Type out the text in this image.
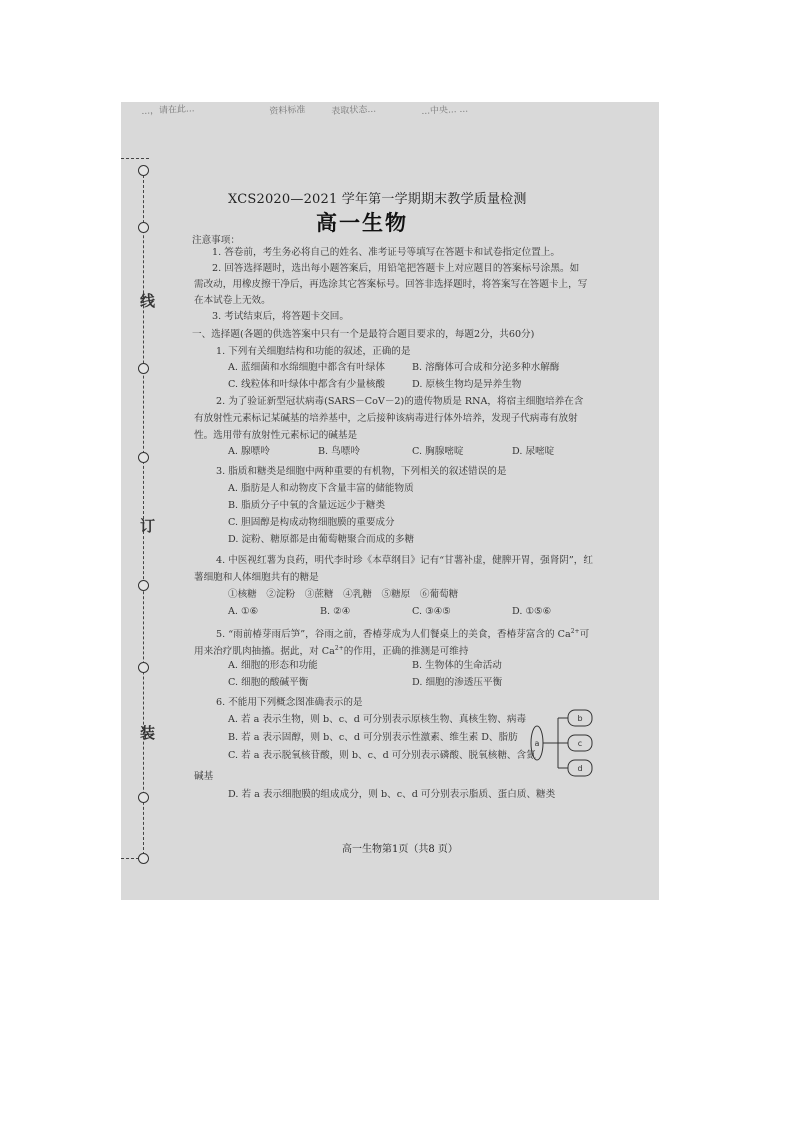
...，请在此...	资料标准	表取状态...	...中央... ...
线
订
装
XCS2020—2021 学年第一学期期末教学质量检测
高一生物
注意事项：
1. 答卷前，考生务必将自己的姓名、准考证号等填写在答题卡和试卷指定位置上。
2. 回答选择题时，选出每小题答案后，用铅笔把答题卡上对应题目的答案标号涂黑。如
需改动，用橡皮擦干净后，再选涂其它答案标号。回答非选择题时，将答案写在答题卡上，写
在本试卷上无效。
3. 考试结束后，将答题卡交回。
一、选择题(各题的供选答案中只有一个是最符合题目要求的，每题2分，共60分)
1. 下列有关细胞结构和功能的叙述，正确的是
A. 蓝细菌和水绵细胞中都含有叶绿体	B. 溶酶体可合成和分泌多种水解酶
C. 线粒体和叶绿体中都含有少量核酸	D. 原核生物均是异养生物
2. 为了验证新型冠状病毒(SARS－CoV－2)的遗传物质是 RNA，将宿主细胞培养在含
有放射性元素标记某碱基的培养基中，之后接种该病毒进行体外培养，发现子代病毒有放射
性。选用带有放射性元素标记的碱基是
A. 腺嘌呤	B. 鸟嘌呤	C. 胸腺嘧啶	D. 尿嘧啶
3. 脂质和糖类是细胞中两种重要的有机物，下列相关的叙述错误的是
A. 脂肪是人和动物皮下含量丰富的储能物质
B. 脂质分子中氧的含量远远少于糖类
C. 胆固醇是构成动物细胞膜的重要成分
D. 淀粉、糖原都是由葡萄糖聚合而成的多糖
4. 中医视红薯为良药，明代李时珍《本草纲目》记有“甘薯补虚，健脾开胃，强肾阴”，红
薯细胞和人体细胞共有的糖是
①核糖　②淀粉　③蔗糖　④乳糖　⑤糖原　⑥葡萄糖
A. ①⑥	B. ②④	C. ③④⑤	D. ①⑤⑥
5. “雨前椿芽雨后笋”，谷雨之前，香椿芽成为人们餐桌上的美食，香椿芽富含的 $Ca^{2+}$可
用来治疗肌肉抽搐。据此，对 $Ca^{2+}$的作用，正确的推测是可维持
A. 细胞的形态和功能	B. 生物体的生命活动
C. 细胞的酸碱平衡	D. 细胞的渗透压平衡
6. 不能用下列概念图准确表示的是
A. 若 a 表示生物，则 b、c、d 可分别表示原核生物、真核生物、病毒
B. 若 a 表示固醇，则 b、c、d 可分别表示性激素、维生素 D、脂肪
C. 若 a 表示脱氧核苷酸，则 b、c、d 可分别表示磷酸、脱氧核糖、含氮
碱基
D. 若 a 表示细胞膜的组成成分，则 b、c、d 可分别表示脂质、蛋白质、糖类
a
b
c
d
高一生物第1页（共8 页）
